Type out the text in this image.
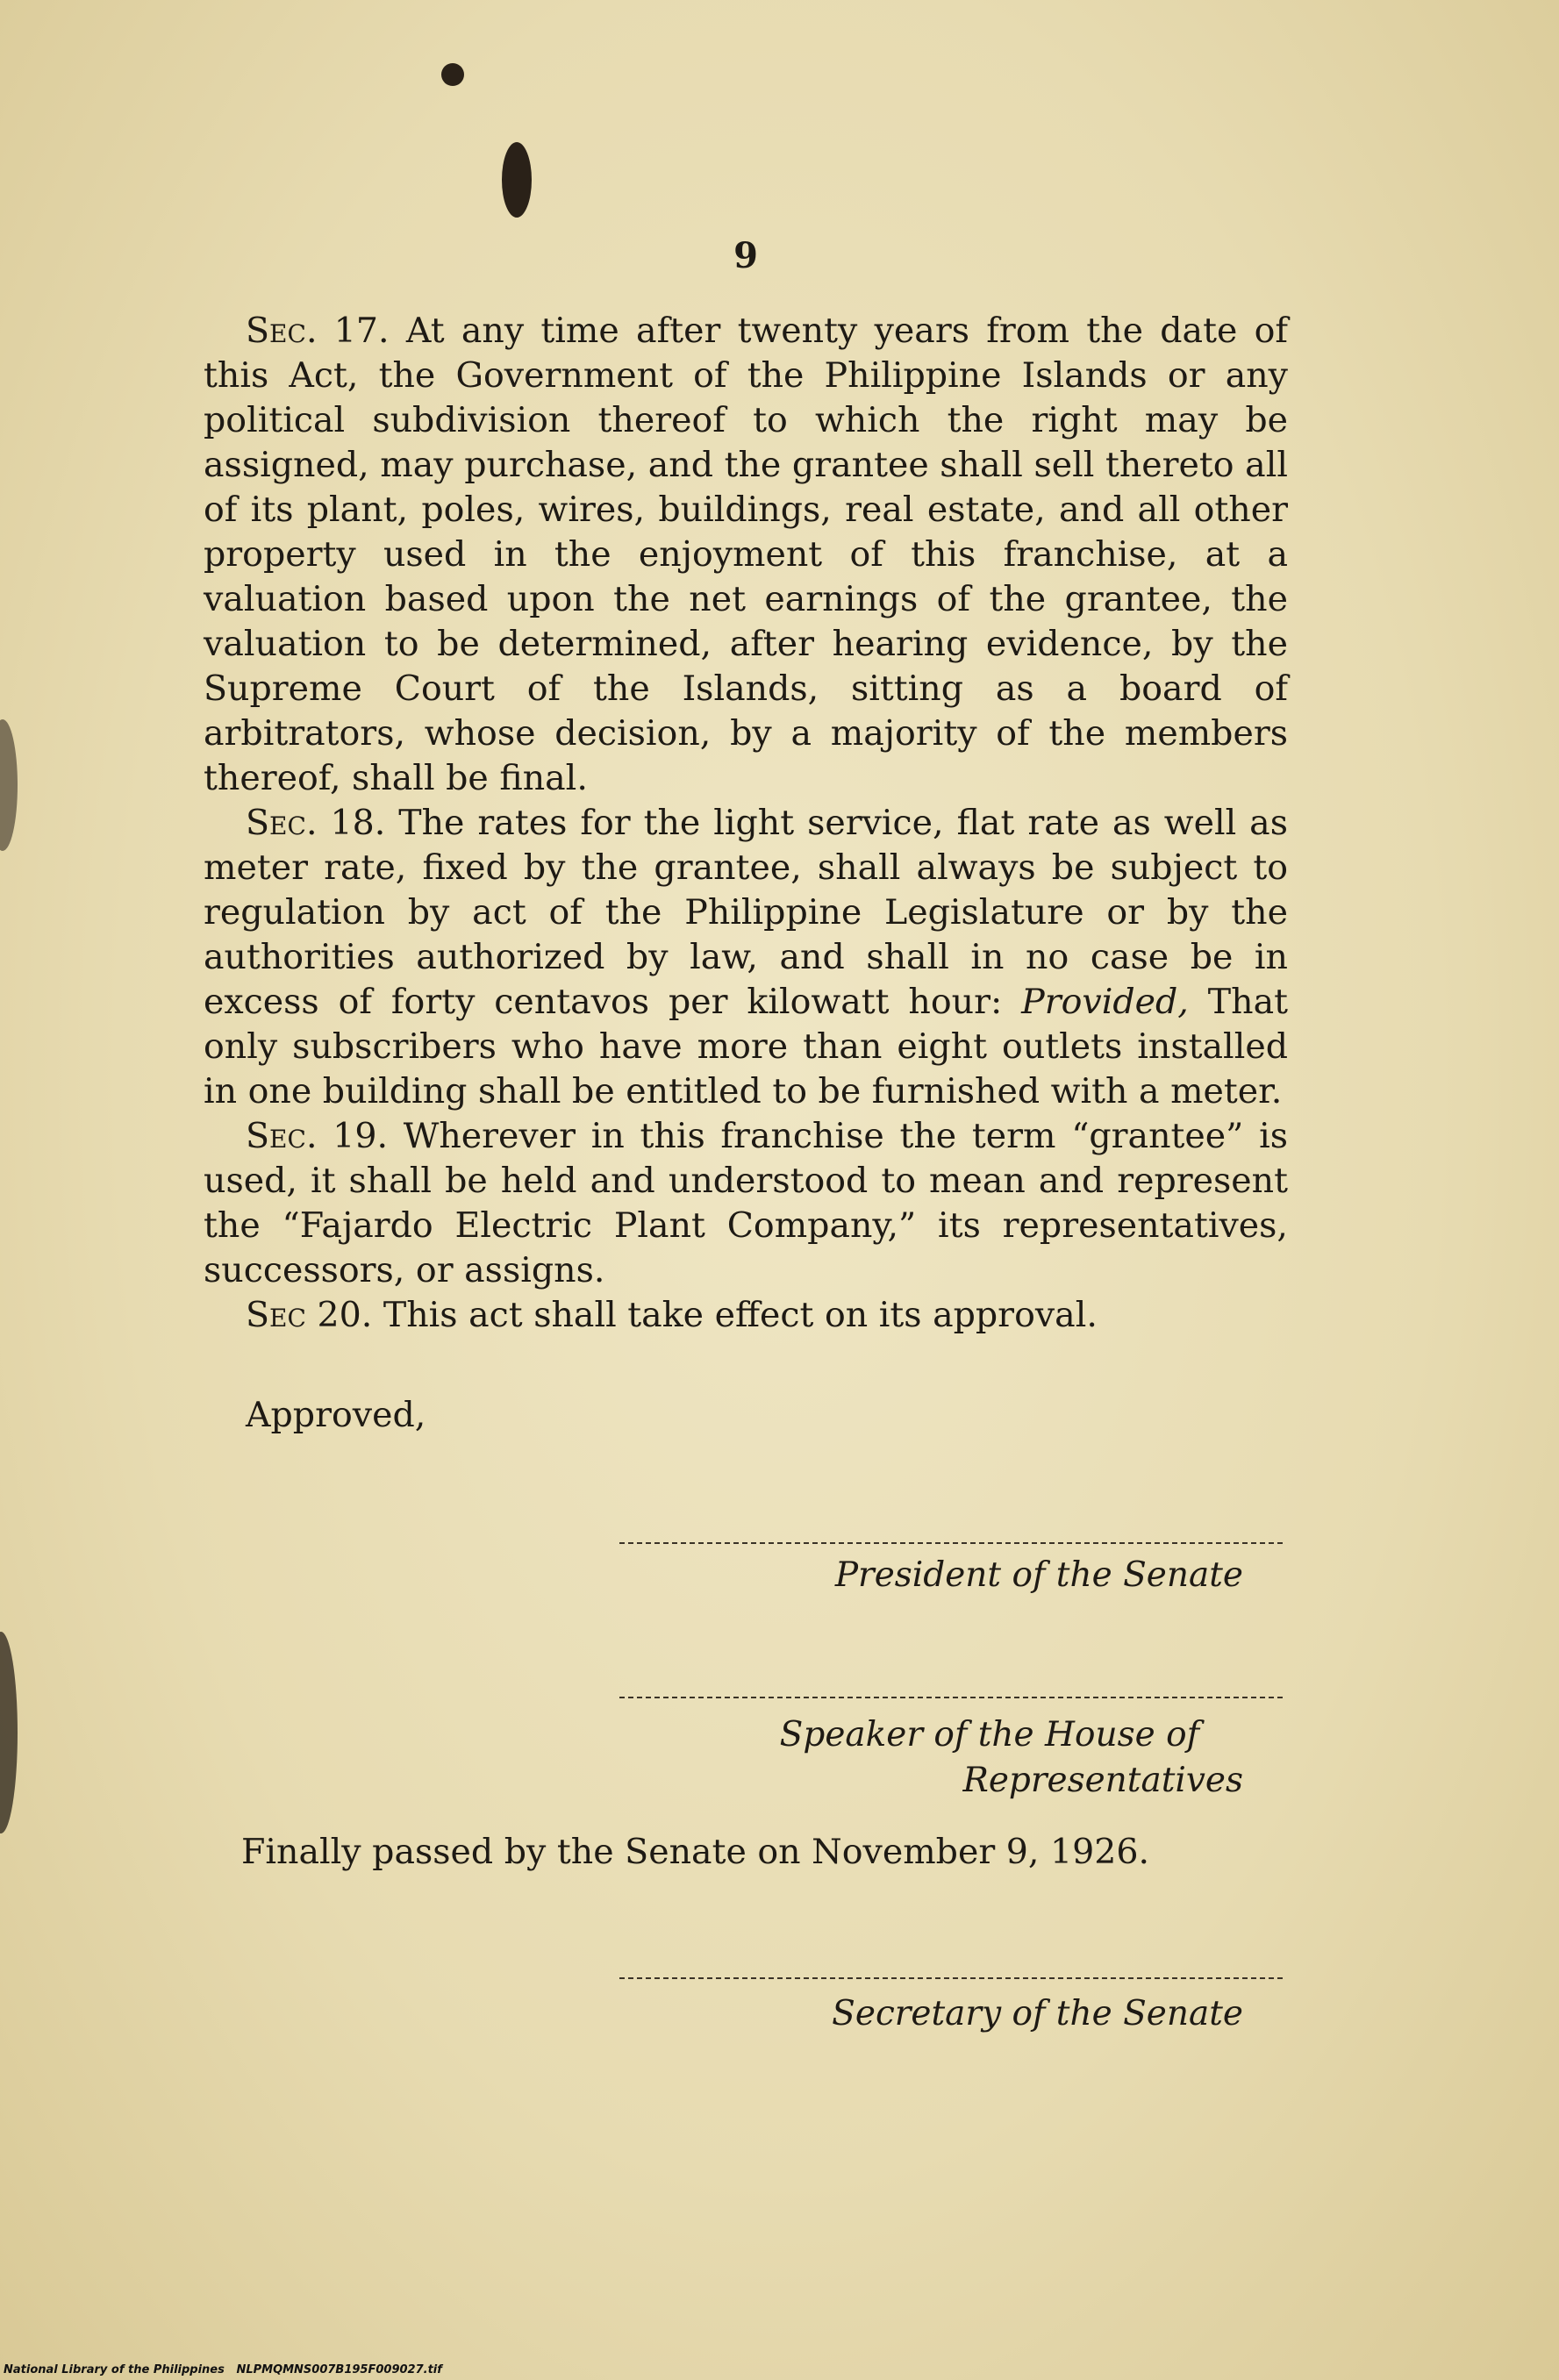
9

Sec. 17. At any time after twenty years from the date of this Act, the Government of the Philippine Islands or any political subdivision thereof to which the right may be assigned, may purchase, and the grantee shall sell thereto all of its plant, poles, wires, buildings, real estate, and all other property used in the enjoyment of this franchise, at a valuation based upon the net earnings of the grantee, the valuation to be determined, after hearing evidence, by the Supreme Court of the Islands, sitting as a board of arbitrators, whose decision, by a majority of the members thereof, shall be final.

Sec. 18. The rates for the light service, flat rate as well as meter rate, fixed by the grantee, shall always be subject to regulation by act of the Philippine Legislature or by the authorities authorized by law, and shall in no case be in excess of forty centavos per kilowatt hour: Provided, That only subscribers who have more than eight outlets installed in one building shall be entitled to be furnished with a meter.

Sec. 19. Wherever in this franchise the term “grantee” is used, it shall be held and understood to mean and represent the “Fajardo Electric Plant Company,” its representatives, successors, or assigns.

Sec 20. This act shall take effect on its approval.

Approved,
President of the Senate
Speaker of the House of
Representatives
Finally passed by the Senate on November 9, 1926.
Secretary of the Senate
National Library of the Philippines NLPMQMNS007B195F009027.tif
